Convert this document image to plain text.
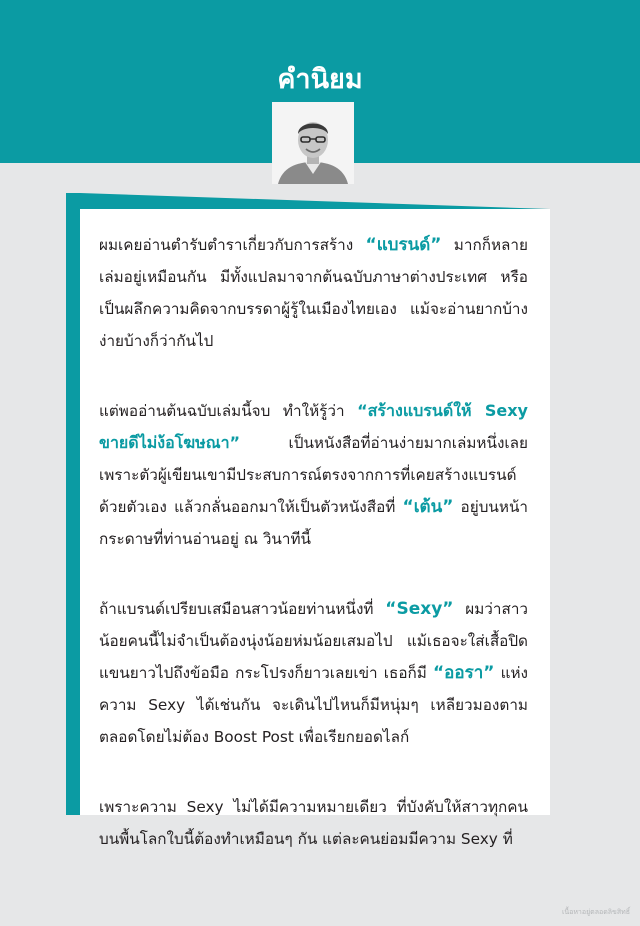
คำนิยม

ผมเคยอ่านตำรับตำราเกี่ยวกับการสร้าง “แบรนด์” มากก็หลายเล่มอยู่เหมือนกัน มีทั้งแปลมาจากต้นฉบับภาษาต่างประเทศ หรือเป็นผลึกความคิดจากบรรดาผู้รู้ในเมืองไทยเอง แม้จะอ่านยากบ้างง่ายบ้างก็ว่ากันไป

แต่พออ่านต้นฉบับเล่มนี้จบ ทำให้รู้ว่า “สร้างแบรนด์ให้ Sexy ขายดีไม่ง้อโฆษณา” เป็นหนังสือที่อ่านง่ายมากเล่มหนึ่งเลย เพราะตัวผู้เขียนเขามีประสบการณ์ตรงจากการที่เคยสร้างแบรนด์ด้วยตัวเอง แล้วกลั่นออกมาให้เป็นตัวหนังสือที่ “เต้น” อยู่บนหน้ากระดาษที่ท่านอ่านอยู่ ณ วินาทีนี้

ถ้าแบรนด์เปรียบเสมือนสาวน้อยท่านหนึ่งที่ “Sexy” ผมว่าสาวน้อยคนนี้ไม่จำเป็นต้องนุ่งน้อยห่มน้อยเสมอไป แม้เธอจะใส่เสื้อปิดแขนยาวไปถึงข้อมือ กระโปรงก็ยาวเลยเข่า เธอก็มี “ออรา” แห่งความ Sexy ได้เช่นกัน จะเดินไปไหนก็มีหนุ่มๆ เหลียวมองตามตลอดโดยไม่ต้อง Boost Post เพื่อเรียกยอดไลก์

เพราะความ Sexy ไม่ได้มีความหมายเดียว ที่บังคับให้สาวทุกคนบนพื้นโลกใบนี้ต้องทำเหมือนๆ กัน แต่ละคนย่อมมีความ Sexy ที่

เนื้อหาอยู่ตลอดลิขสิทธิ์
